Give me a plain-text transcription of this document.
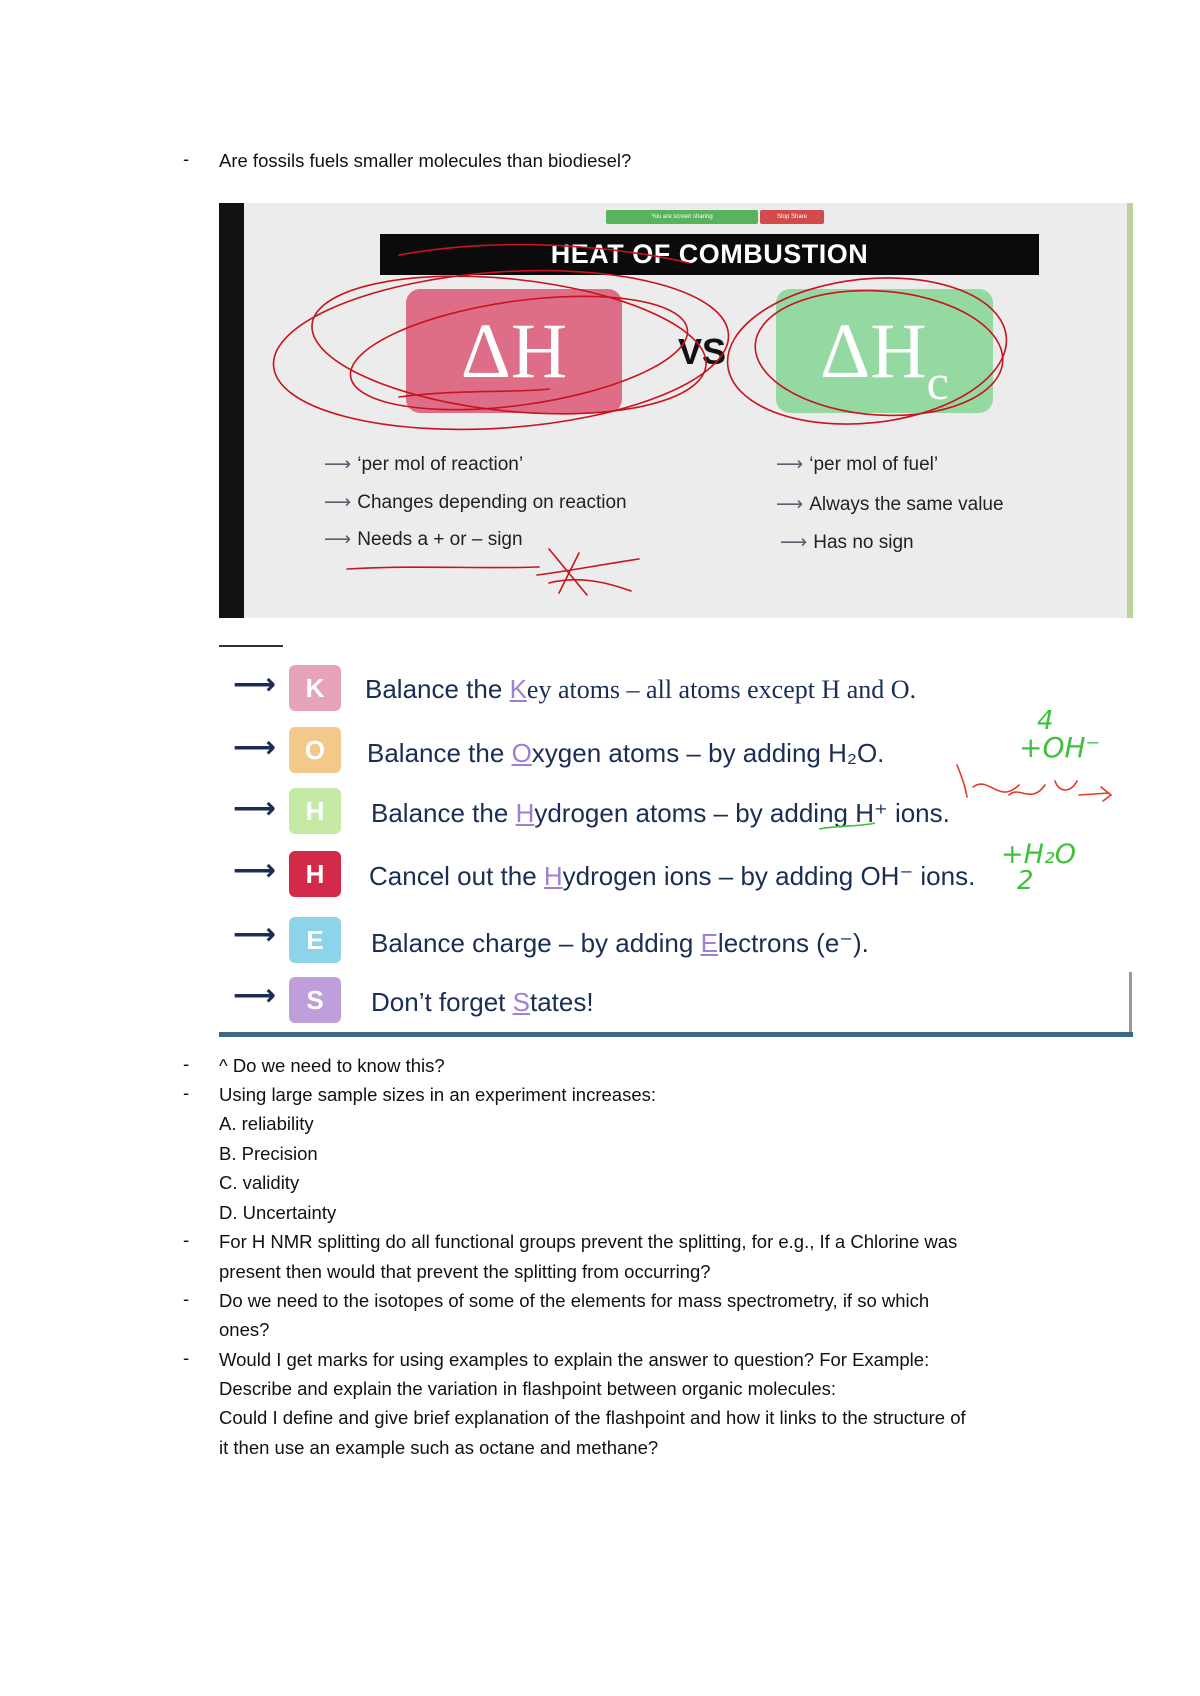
- Are fossils fuels smaller molecules than biodiesel?
You are screen sharing	Stop Share
HEAT OF COMBUSTION
ΔH	VS	$\Delta H_c$
⟶ ‘per mol of reaction’
⟶ Changes depending on reaction
⟶ Needs a + or – sign
⟶ ‘per mol of fuel’
⟶ Always the same value
⟶ Has no sign
⟶	K	Balance the Key atoms – all atoms except H and O.
⟶	O	Balance the Oxygen atoms – by adding H₂O.
⟶	H	Balance the Hydrogen atoms – by adding H⁺ ions.
⟶	H	Cancel out the Hydrogen ions – by adding OH⁻ ions.
⟶	E	Balance charge – by adding Electrons (e⁻).
⟶	S	Don’t forget States!
4
+OH⁻
+H₂O
2
- ^ Do we need to know this?
- Using large sample sizes in an experiment increases:
A. reliability
B. Precision
C. validity
D. Uncertainty
- For H NMR splitting do all functional groups prevent the splitting, for e.g., If a Chlorine was
present then would that prevent the splitting from occurring?
- Do we need to the isotopes of some of the elements for mass spectrometry, if so which
ones?
- Would I get marks for using examples to explain the answer to question? For Example:
Describe and explain the variation in flashpoint between organic molecules:
Could I define and give brief explanation of the flashpoint and how it links to the structure of
it then use an example such as octane and methane?
